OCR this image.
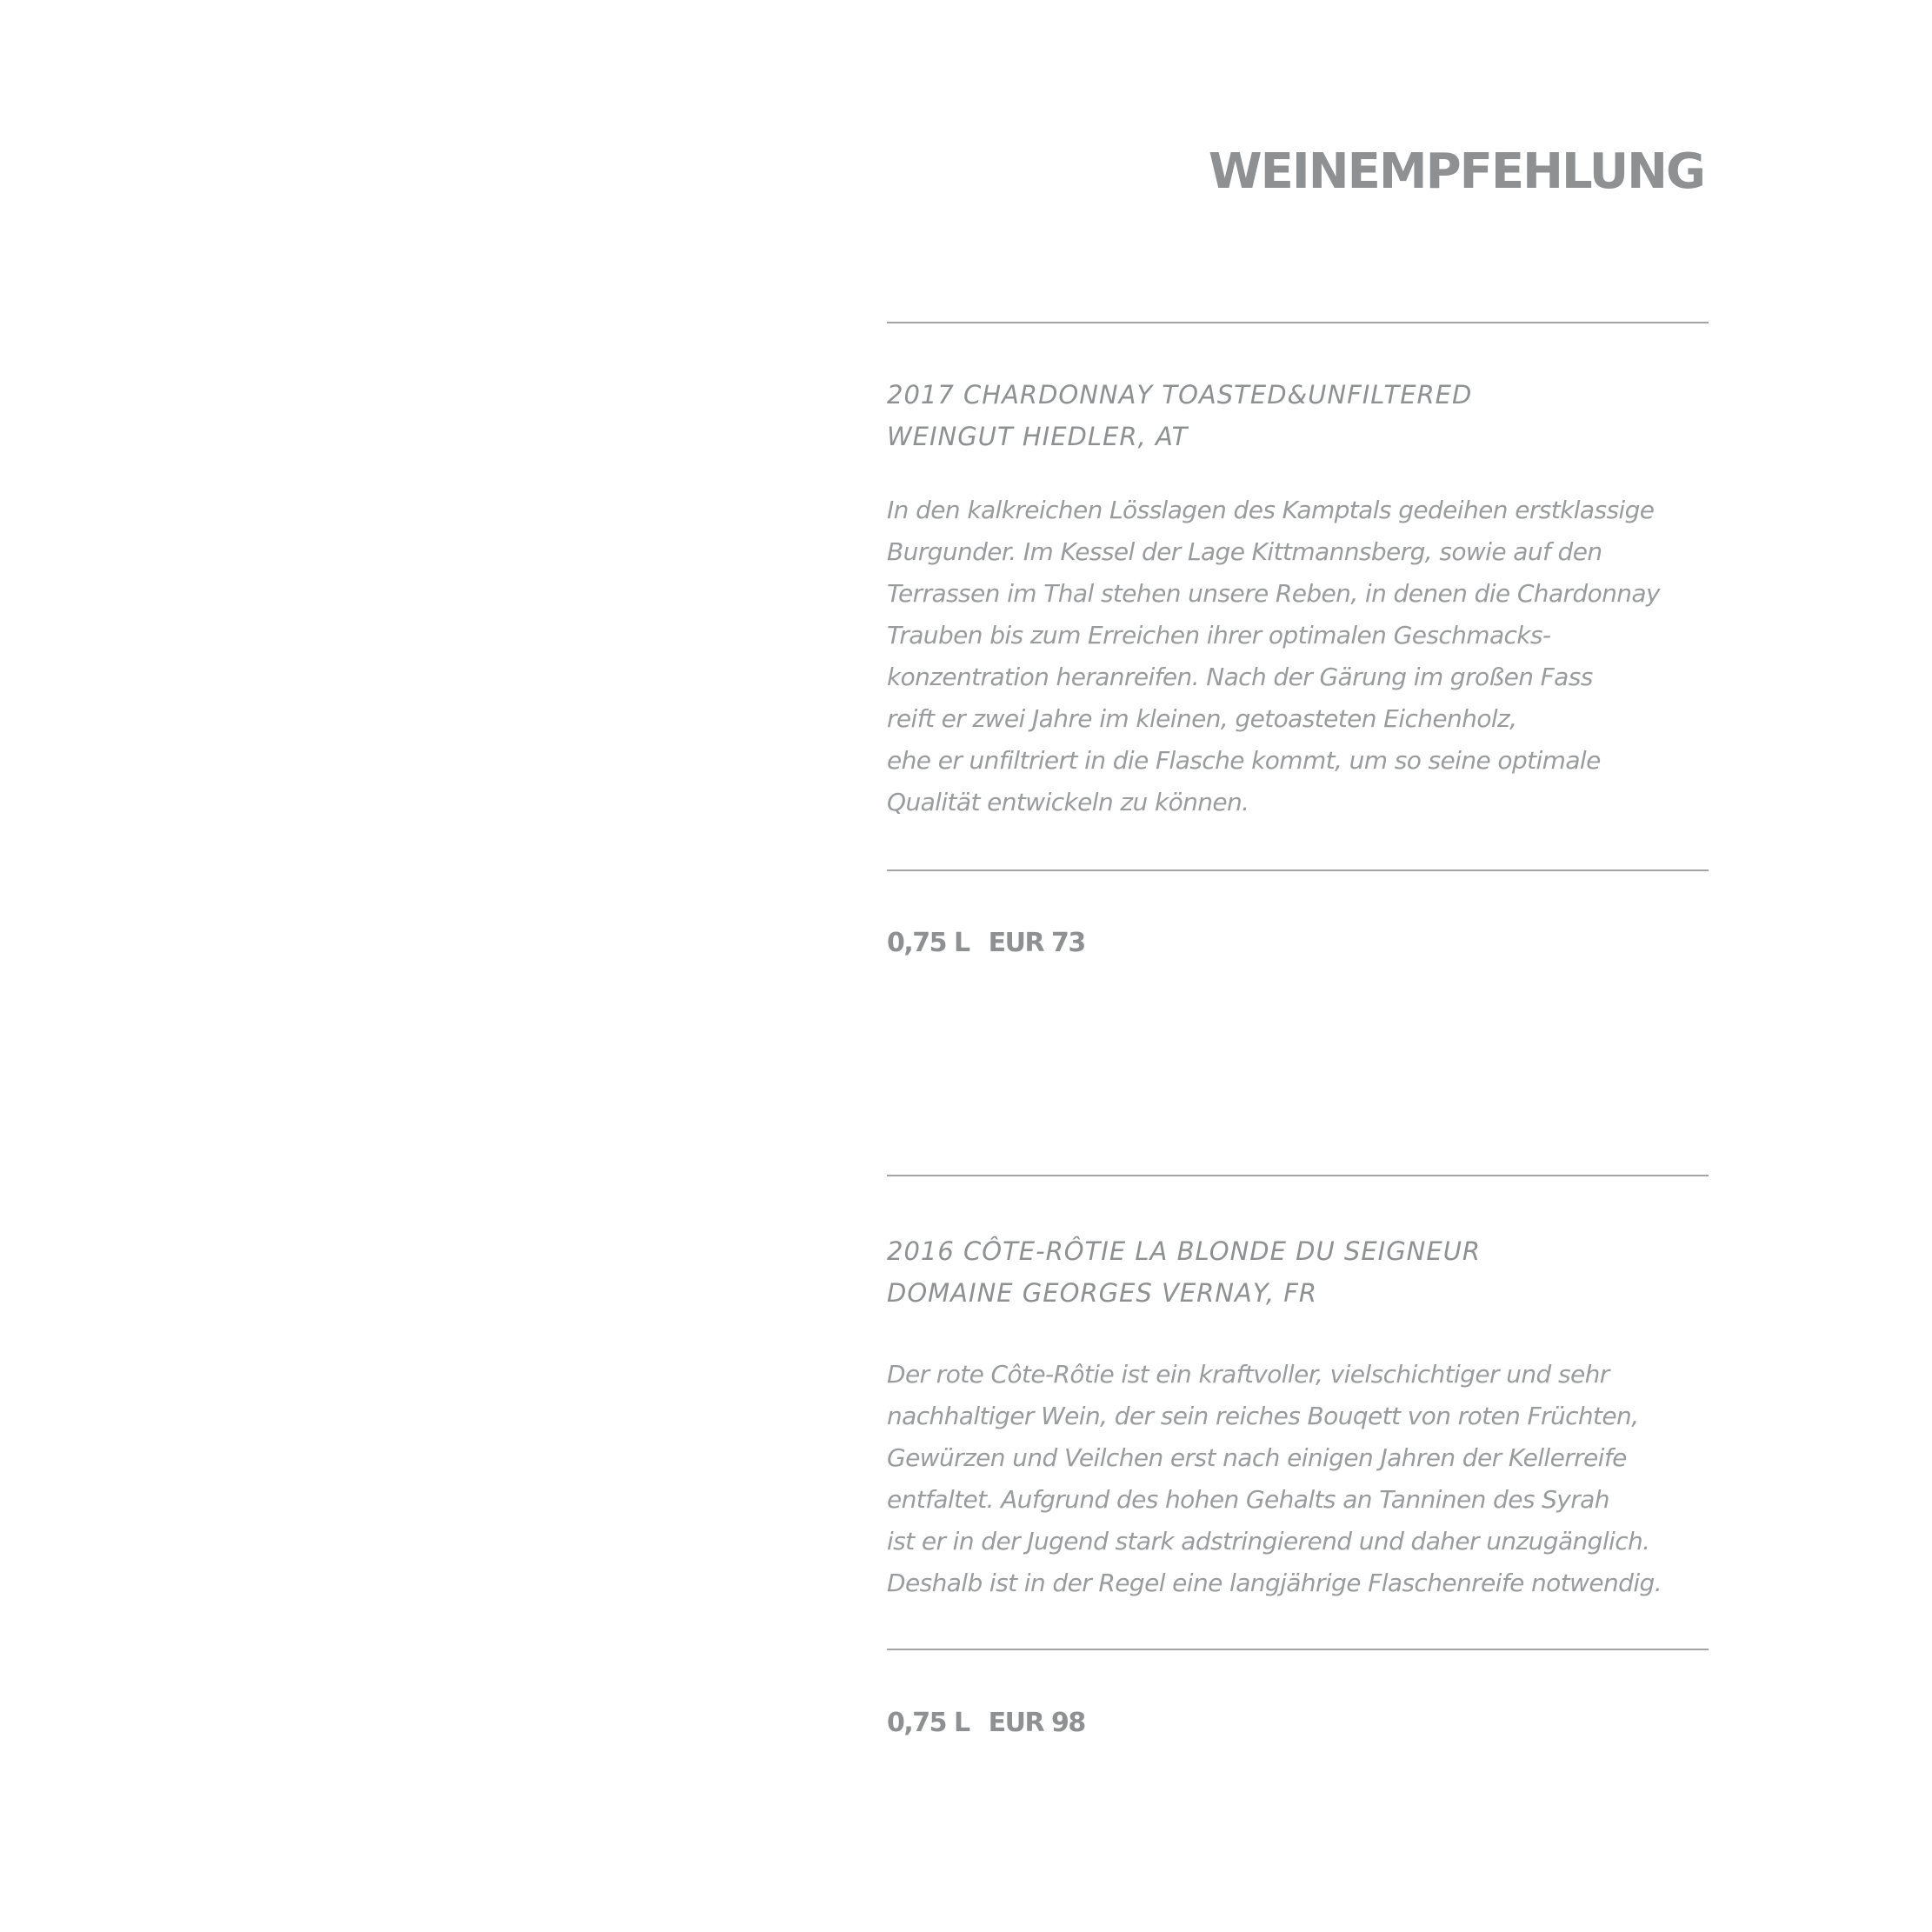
WEINEMPFEHLUNG
2017 CHARDONNAY TOASTED&UNFILTERED
WEINGUT HIEDLER, AT
In den kalkreichen Lösslagen des Kamptals gedeihen erstklassige
Burgunder. Im Kessel der Lage Kittmannsberg, sowie auf den
Terrassen im Thal stehen unsere Reben, in denen die Chardonnay
Trauben bis zum Erreichen ihrer optimalen Geschmacks-
konzentration heranreifen. Nach der Gärung im großen Fass
reift er zwei Jahre im kleinen, getoasteten Eichenholz,
ehe er unfiltriert in die Flasche kommt, um so seine optimale
Qualität entwickeln zu können.
0,75 L EUR 73
2016 CÔTE-RÔTIE LA BLONDE DU SEIGNEUR
DOMAINE GEORGES VERNAY, FR
Der rote Côte-Rôtie ist ein kraftvoller, vielschichtiger und sehr
nachhaltiger Wein, der sein reiches Bouqett von roten Früchten,
Gewürzen und Veilchen erst nach einigen Jahren der Kellerreife
entfaltet. Aufgrund des hohen Gehalts an Tanninen des Syrah
ist er in der Jugend stark adstringierend und daher unzugänglich.
Deshalb ist in der Regel eine langjährige Flaschenreife notwendig.
0,75 L EUR 98
